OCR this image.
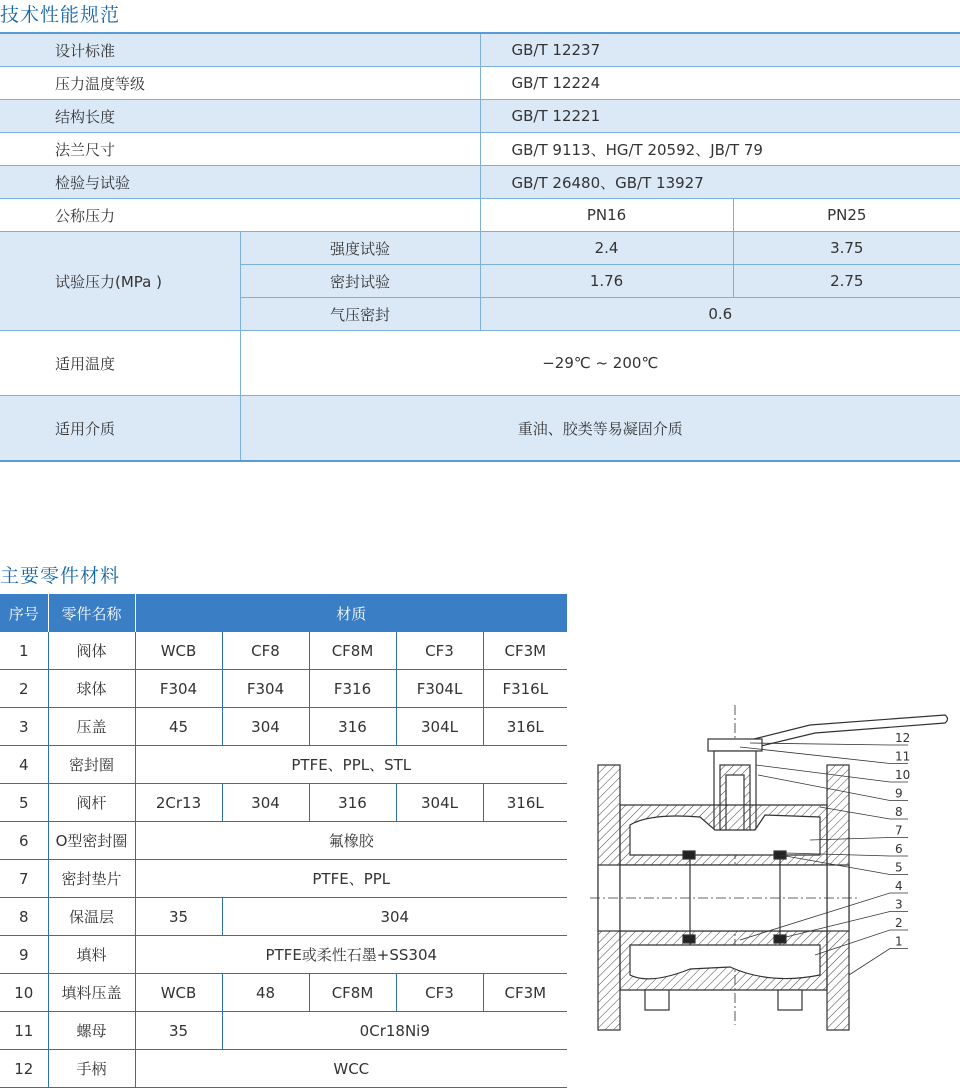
技术性能规范
设计标准		GB/T 12237	
压力温度等级		GB/T 12224	
结构长度		GB/T 12221	
法兰尺寸		GB/T 9113、HG/T 20592、JB/T 79	
检验与试验		GB/T 26480、GB/T 13927	
公称压力		PN16	PN25
试验压力(MPa )	强度试验	2.4	3.75
	密封试验	1.76	2.75
	气压密封	0.6	
适用温度	−29℃ ~ 200℃		
适用介质	重油、胶类等易凝固介质		
主要零件材料
序号	零件名称	材质				
1	阀体	WCB	CF8	CF8M	CF3	CF3M
2	球体	F304	F304	F316	F304L	F316L
3	压盖	45	304	316	304L	316L
4	密封圈	PTFE、PPL、STL				
5	阀杆	2Cr13	304	316	304L	316L
6	O型密封圈	氟橡胶				
7	密封垫片	PTFE、PPL				
8	保温层	35	304			
9	填料	PTFE或柔性石墨+SS304				
10	填料压盖	WCB	48	CF8M	CF3	CF3M
11	螺母	35	0Cr18Ni9			
12	手柄	WCC				
12
11
10
9
8
7
6
5
4
3
2
1
